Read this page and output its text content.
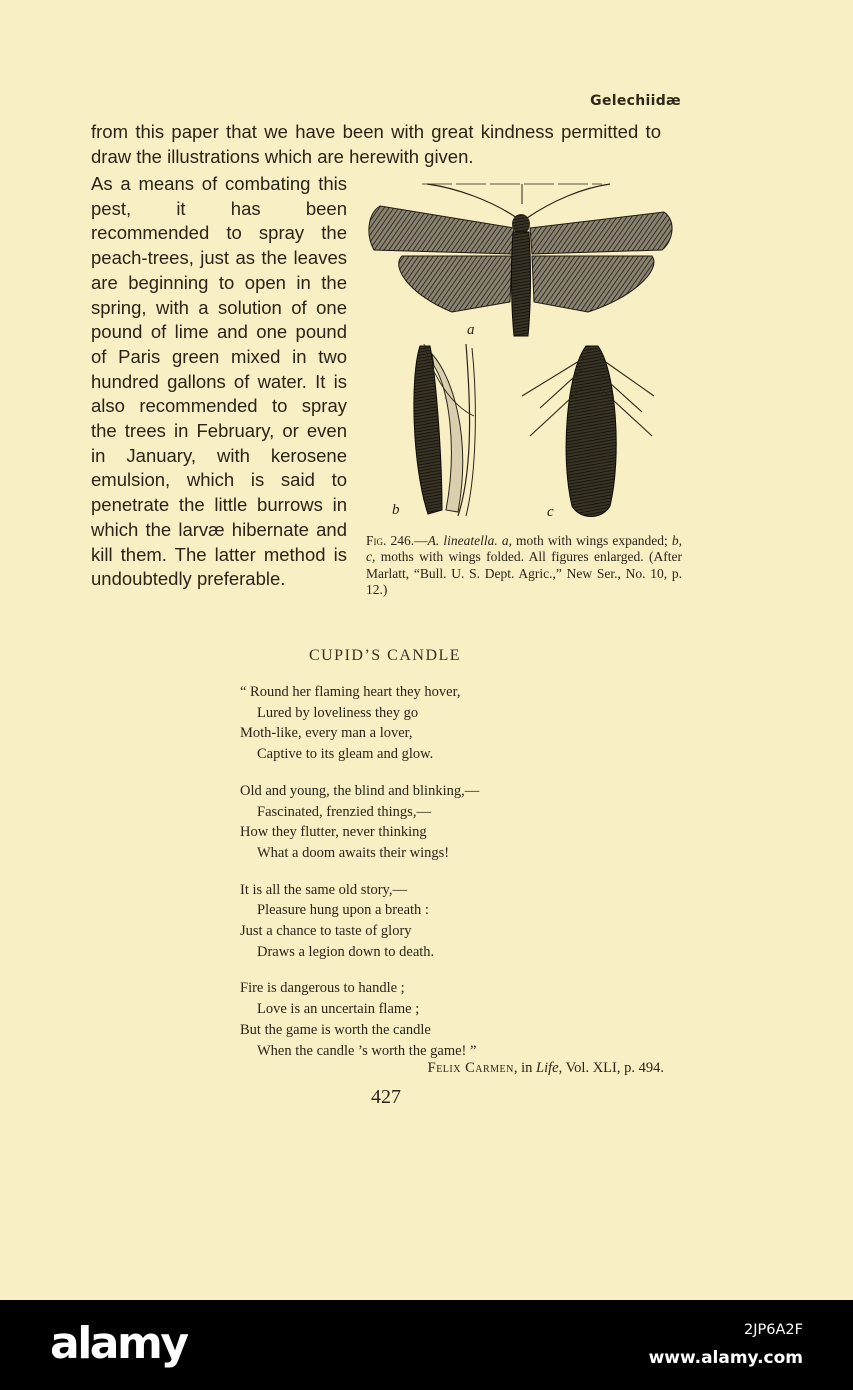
Gelechiidæ

from this paper that we have been with great kindness permitted to draw the illustrations which are herewith given.

As a means of combating this pest, it has been recommended to spray the peach-trees, just as the leaves are beginning to open in the spring, with a solution of one pound of lime and one pound of Paris green mixed in two hundred gallons of water. It is also recommended to spray the trees in February, or even in January, with kerosene emulsion, which is said to penetrate the little burrows in which the larvæ hibernate and kill them. The latter method is undoubtedly preferable.

a
b	c

Fig. 246.—A. lineatella. a, moth with wings expanded; b, c, moths with wings folded. All figures enlarged. (After Marlatt, “Bull. U. S. Dept. Agric.,” New Ser., No. 10, p. 12.)

CUPID’S CANDLE
“ Round her flaming heart they hover,
Lured by loveliness they go
Moth-like, every man a lover,
Captive to its gleam and glow.
Old and young, the blind and blinking,—
Fascinated, frenzied things,—
How they flutter, never thinking
What a doom awaits their wings!
It is all the same old story,—
Pleasure hung upon a breath :
Just a chance to taste of glory
Draws a legion down to death.
Fire is dangerous to handle ;
Love is an uncertain flame ;
But the game is worth the candle
When the candle ’s worth the game! ”
Felix Carmen, in Life, Vol. XLI, p. 494.
427
alamy	2JP6A2F
www.alamy.com
